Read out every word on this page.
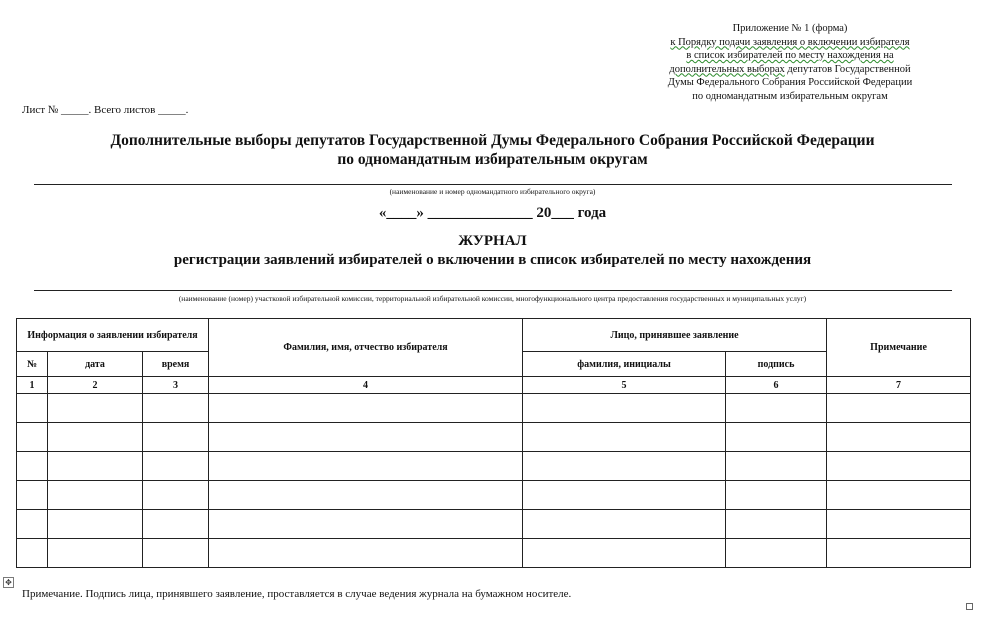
Приложение № 1 (форма)
к Порядку подачи заявления о включении избирателя
в список избирателей по месту нахождения на
дополнительных выборах депутатов Государственной
Думы Федерального Собрания Российской Федерации
по одномандатным избирательным округам
Лист № _____. Всего листов _____.
Дополнительные выборы депутатов Государственной Думы Федерального Собрания Российской Федерации
по одномандатным избирательным округам
(наименование и номер одномандатного избирательного округа)
«____» ______________ 20___ года
ЖУРНАЛ
регистрации заявлений избирателей о включении в список избирателей по месту нахождения
(наименование (номер) участковой избирательной комиссии, территориальной избирательной комиссии, многофункционального центра предоставления государственных и муниципальных услуг)
Информация о заявлении избирателя			Фамилия, имя, отчество избирателя	Лицо, принявшее заявление		Примечание
№	дата	время		фамилия, инициалы	подпись	
1	2	3	4	5	6	7

✥
Примечание. Подпись лица, принявшего заявление, проставляется в случае ведения журнала на бумажном носителе.
